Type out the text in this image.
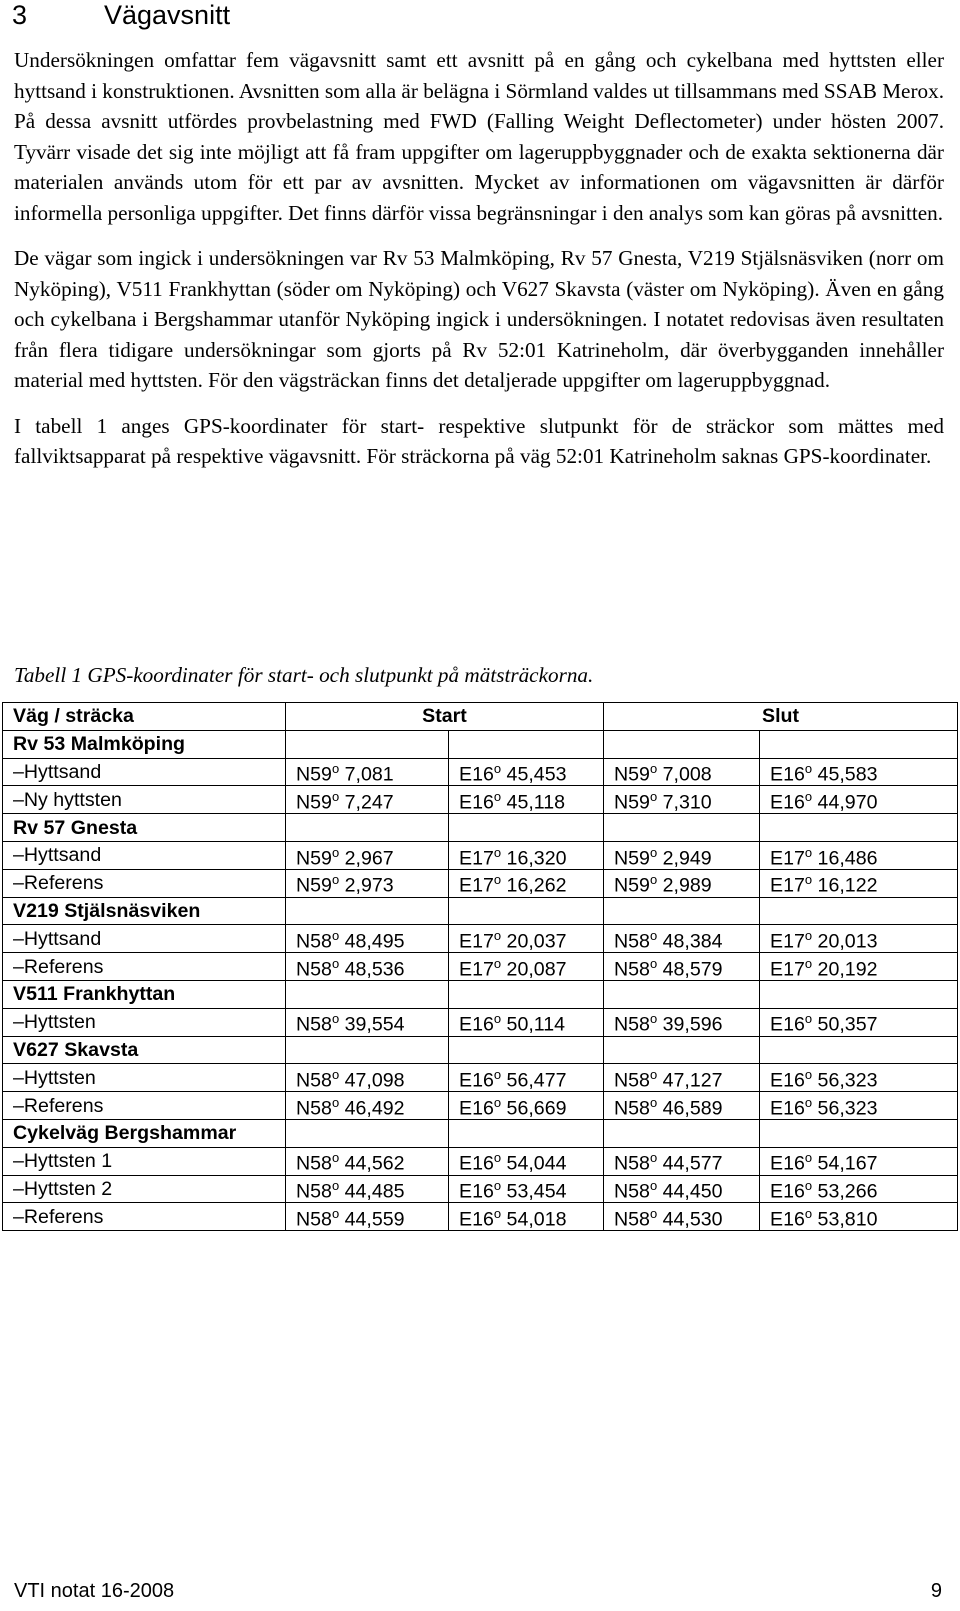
3	Vägavsnitt

Undersökningen omfattar fem vägavsnitt samt ett avsnitt på en gång och cykelbana med hyttsten eller hyttsand i konstruktionen. Avsnitten som alla är belägna i Sörmland valdes ut tillsammans med SSAB Merox. På dessa avsnitt utfördes provbelastning med FWD (Falling Weight Deflectometer) under hösten 2007. Tyvärr visade det sig inte möjligt att få fram uppgifter om lageruppbyggnader och de exakta sektionerna där materialen används utom för ett par av avsnitten. Mycket av informationen om vägavsnitten är därför informella personliga uppgifter. Det finns därför vissa begränsningar i den analys som kan göras på avsnitten.

De vägar som ingick i undersökningen var Rv 53 Malmköping, Rv 57 Gnesta, V219 Stjälsnäsviken (norr om Nyköping), V511 Frankhyttan (söder om Nyköping) och V627 Skavsta (väster om Nyköping). Även en gång och cykelbana i Bergshammar utanför Nyköping ingick i undersökningen. I notatet redovisas även resultaten från flera tidigare undersökningar som gjorts på Rv 52:01 Katrineholm, där överbygganden innehåller material med hyttsten. För den vägsträckan finns det detaljerade uppgifter om lageruppbyggnad.

I tabell 1 anges GPS-koordinater för start- respektive slutpunkt för de sträckor som mättes med fallviktsapparat på respektive vägavsnitt. För sträckorna på väg 52:01 Katrineholm saknas GPS-koordinater.

Tabell 1 GPS-koordinater för start- och slutpunkt på mätsträckorna.

Väg / sträcka	Start		Slut	
Rv 53 Malmköping				
–Hyttsand	N59$^o$ 7,081	E16$^o$ 45,453	N59$^o$ 7,008	E16$^o$ 45,583
–Ny hyttsten	N59$^o$ 7,247	E16$^o$ 45,118	N59$^o$ 7,310	E16$^o$ 44,970
Rv 57 Gnesta				
–Hyttsand	N59$^o$ 2,967	E17$^o$ 16,320	N59$^o$ 2,949	E17$^o$ 16,486
–Referens	N59$^o$ 2,973	E17$^o$ 16,262	N59$^o$ 2,989	E17$^o$ 16,122
V219 Stjälsnäsviken				
–Hyttsand	N58$^o$ 48,495	E17$^o$ 20,037	N58$^o$ 48,384	E17$^o$ 20,013
–Referens	N58$^o$ 48,536	E17$^o$ 20,087	N58$^o$ 48,579	E17$^o$ 20,192
V511 Frankhyttan				
–Hyttsten	N58$^o$ 39,554	E16$^o$ 50,114	N58$^o$ 39,596	E16$^o$ 50,357
V627 Skavsta				
–Hyttsten	N58$^o$ 47,098	E16$^o$ 56,477	N58$^o$ 47,127	E16$^o$ 56,323
–Referens	N58$^o$ 46,492	E16$^o$ 56,669	N58$^o$ 46,589	E16$^o$ 56,323
Cykelväg Bergshammar				
–Hyttsten 1	N58$^o$ 44,562	E16$^o$ 54,044	N58$^o$ 44,577	E16$^o$ 54,167
–Hyttsten 2	N58$^o$ 44,485	E16$^o$ 53,454	N58$^o$ 44,450	E16$^o$ 53,266
–Referens	N58$^o$ 44,559	E16$^o$ 54,018	N58$^o$ 44,530	E16$^o$ 53,810
VTI notat 16-2008	9
